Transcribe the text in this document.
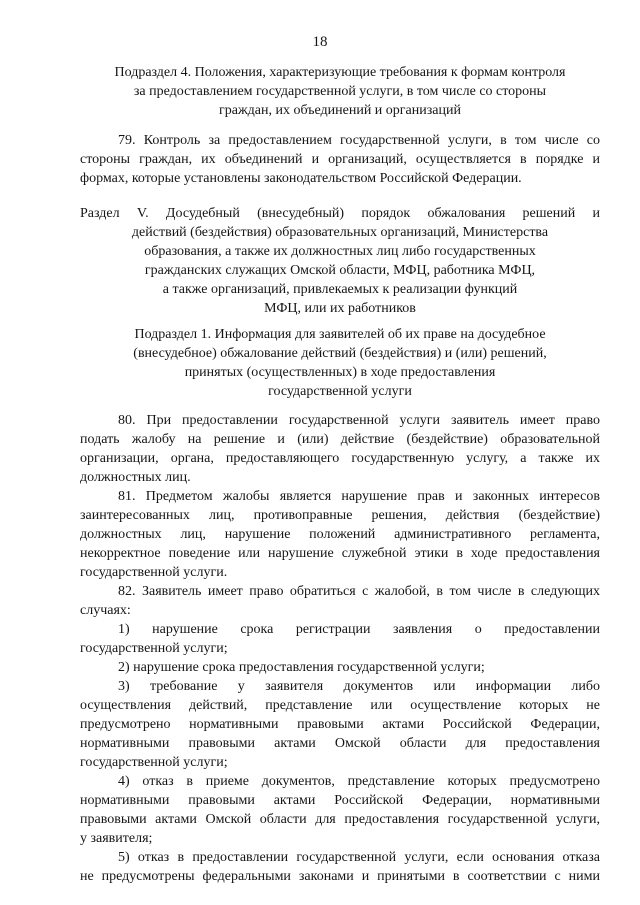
18
Подраздел 4. Положения, характеризующие требования к формам контроля
за предоставлением государственной услуги, в том числе со стороны
граждан, их объединений и организаций
79. Контроль за предоставлением государственной услуги, в том числе со
стороны граждан, их объединений и организаций, осуществляется в порядке и
формах, которые установлены законодательством Российской Федерации.
Раздел V. Досудебный (внесудебный) порядок обжалования решений и
действий (бездействия) образовательных организаций, Министерства
образования, а также их должностных лиц либо государственных
гражданских служащих Омской области, МФЦ, работника МФЦ,
а также организаций, привлекаемых к реализации функций
МФЦ, или их работников
Подраздел 1. Информация для заявителей об их праве на досудебное
(внесудебное) обжалование действий (бездействия) и (или) решений,
принятых (осуществленных) в ходе предоставления
государственной услуги
80. При предоставлении государственной услуги заявитель имеет право
подать жалобу на решение и (или) действие (бездействие) образовательной
организации, органа, предоставляющего государственную услугу, а также их
должностных лиц.
81. Предметом жалобы является нарушение прав и законных интересов
заинтересованных лиц, противоправные решения, действия (бездействие)
должностных лиц, нарушение положений административного регламента,
некорректное поведение или нарушение служебной этики в ходе предоставления
государственной услуги.
82. Заявитель имеет право обратиться с жалобой, в том числе в следующих
случаях:
1) нарушение срока регистрации заявления о предоставлении
государственной услуги;
2) нарушение срока предоставления государственной услуги;
3) требование у заявителя документов или информации либо
осуществления действий, представление или осуществление которых не
предусмотрено нормативными правовыми актами Российской Федерации,
нормативными правовыми актами Омской области для предоставления
государственной услуги;
4) отказ в приеме документов, представление которых предусмотрено
нормативными правовыми актами Российской Федерации, нормативными
правовыми актами Омской области для предоставления государственной услуги,
у заявителя;
5) отказ в предоставлении государственной услуги, если основания отказа
не предусмотрены федеральными законами и принятыми в соответствии с ними
